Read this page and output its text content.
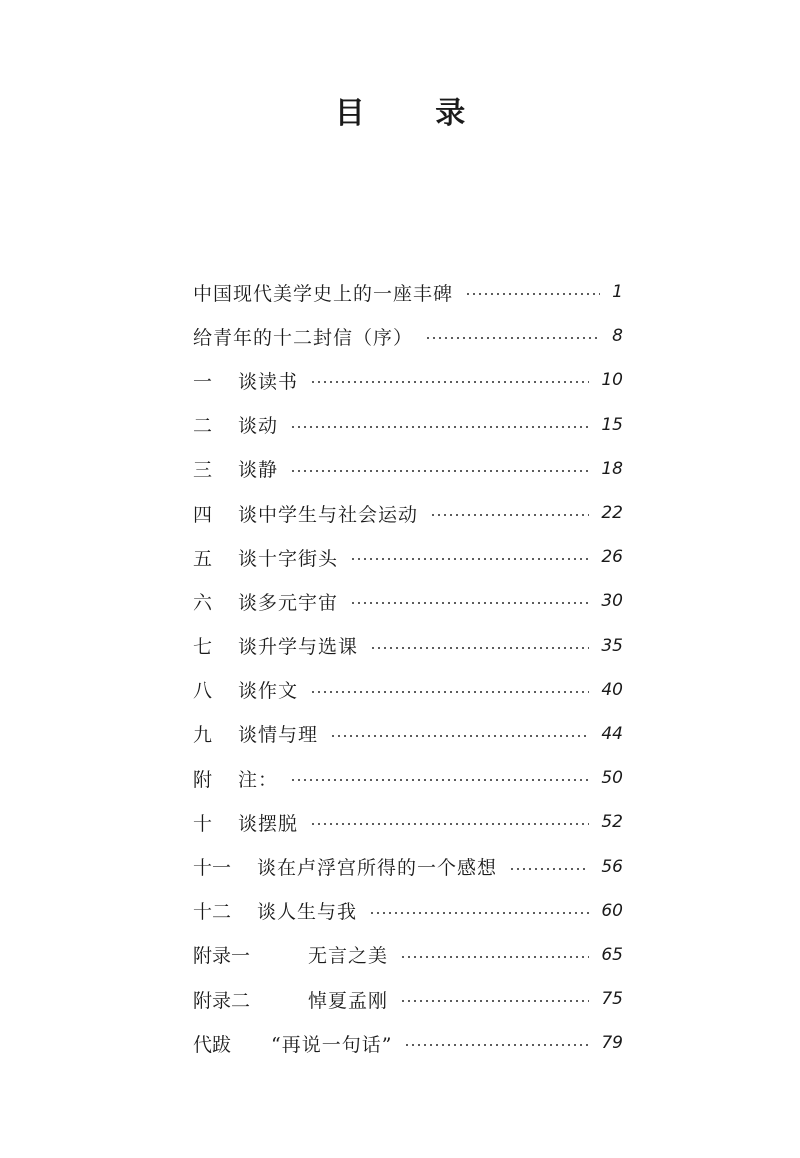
目 录
中国现代美学史上的一座丰碑	1
给青年的十二封信（序）	8
一	谈读书	10
二	谈动	15
三	谈静	18
四	谈中学生与社会运动	22
五	谈十字街头	26
六	谈多元宇宙	30
七	谈升学与选课	35
八	谈作文	40
九	谈情与理	44
附	注：	50
十	谈摆脱	52
十一	谈在卢浮宫所得的一个感想	56
十二	谈人生与我	60
附录一	无言之美	65
附录二	悼夏孟刚	75
代跋	“再说一句话”	79
